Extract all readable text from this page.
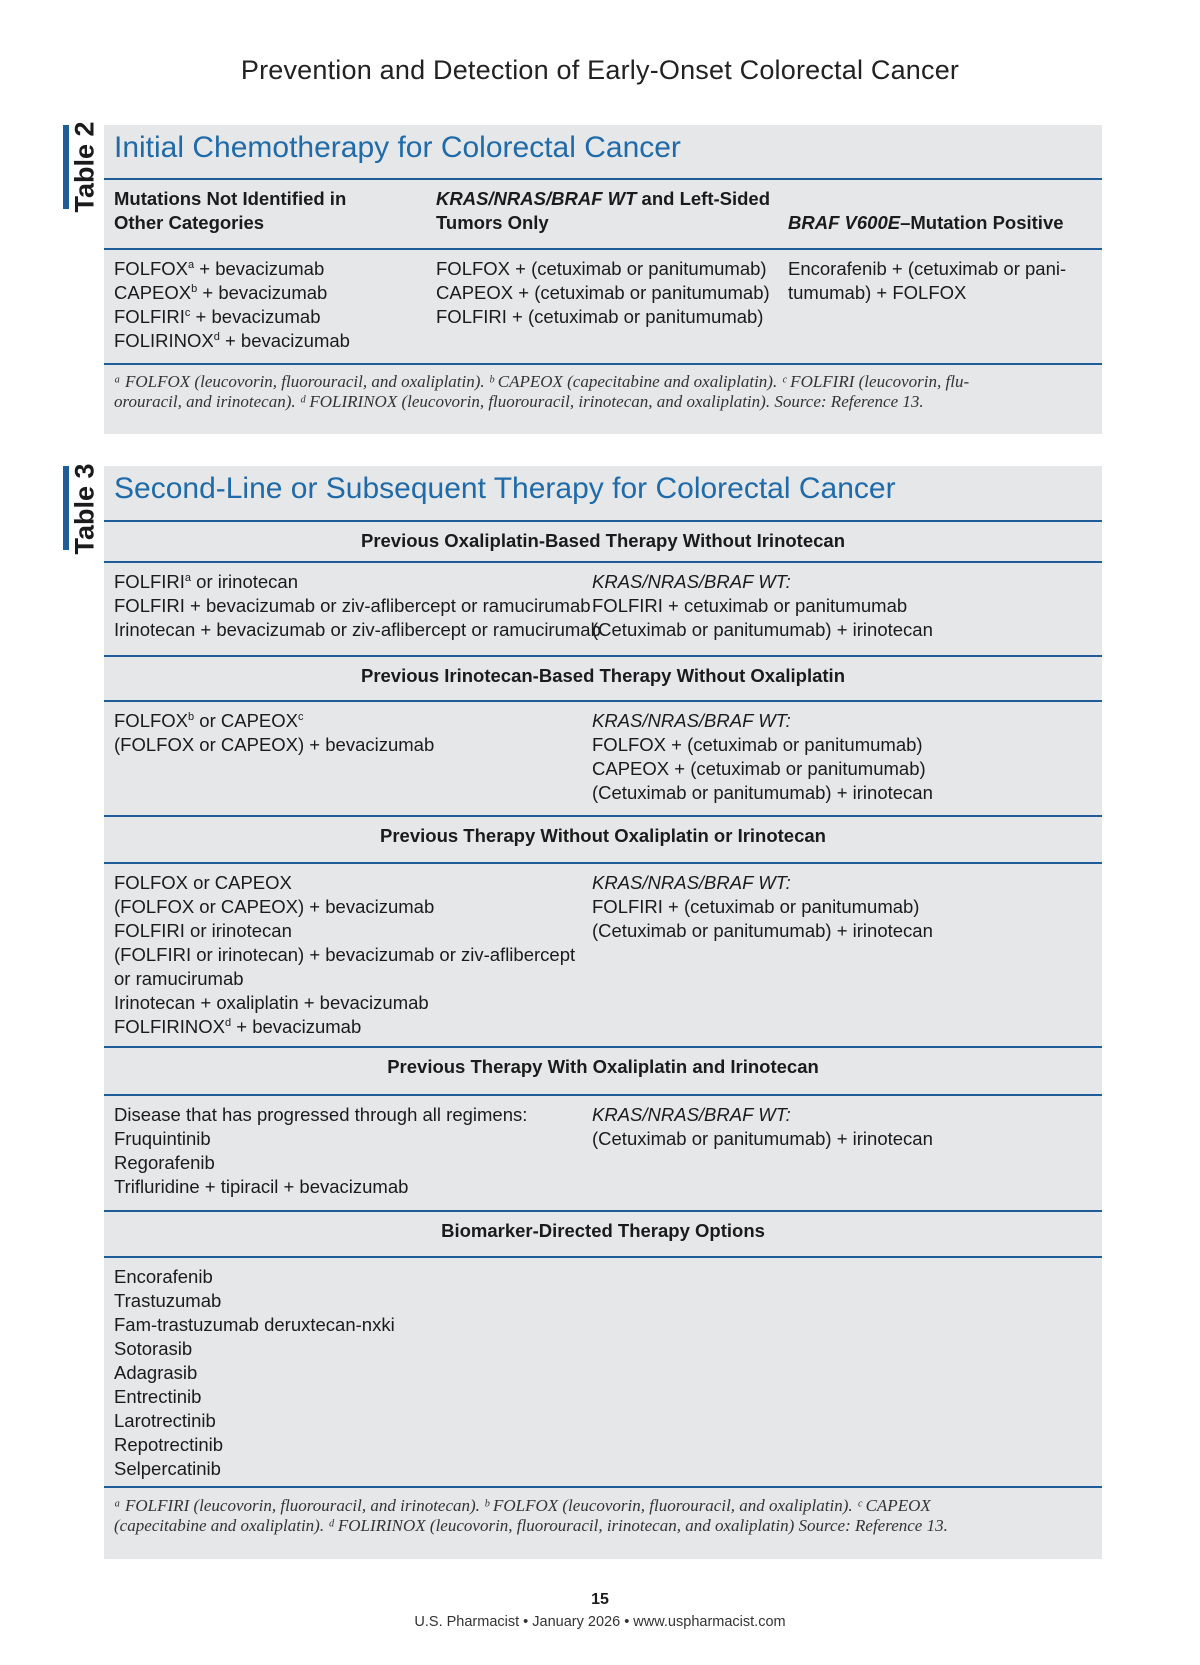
Prevention and Detection of Early-Onset Colorectal Cancer
Table 2 Initial Chemotherapy for Colorectal Cancer
Mutations Not Identified in
Other Categories
KRAS/NRAS/BRAF WT and Left-Sided
Tumors Only	BRAF V600E–Mutation Positive
$FOLFOX^a$ + bevacizumab
$CAPEOX^b$ + bevacizumab
$FOLFIRI^c$ + bevacizumab
$FOLIRINOX^d$ + bevacizumab
FOLFOX + (cetuximab or panitumumab)
CAPEOX + (cetuximab or panitumumab)
FOLFIRI + (cetuximab or panitumumab)
Encorafenib + (cetuximab or pani-
tumumab) + FOLFOX
ᵃ FOLFOX (leucovorin, fluorouracil, and oxaliplatin). ᵇ CAPEOX (capecitabine and oxaliplatin). ᶜ FOLFIRI (leucovorin, flu-
orouracil, and irinotecan). ᵈ FOLIRINOX (leucovorin, fluorouracil, irinotecan, and oxaliplatin). Source: Reference 13.
Table 3 Second-Line or Subsequent Therapy for Colorectal Cancer
Previous Oxaliplatin-Based Therapy Without Irinotecan
FOLFIRI$^a$ or irinotecan
FOLFIRI + bevacizumab or ziv-aflibercept or ramucirumab
Irinotecan + bevacizumab or ziv-aflibercept or ramucirumab
KRAS/NRAS/BRAF WT:
FOLFIRI + cetuximab or panitumumab
(Cetuximab or panitumumab) + irinotecan
Previous Irinotecan-Based Therapy Without Oxaliplatin
FOLFOX$^b$ or CAPEOX$^c$
(FOLFOX or CAPEOX) + bevacizumab
KRAS/NRAS/BRAF WT:
FOLFOX + (cetuximab or panitumumab)
CAPEOX + (cetuximab or panitumumab)
(Cetuximab or panitumumab) + irinotecan
Previous Therapy Without Oxaliplatin or Irinotecan
FOLFOX or CAPEOX
(FOLFOX or CAPEOX) + bevacizumab
FOLFIRI or irinotecan
(FOLFIRI or irinotecan) + bevacizumab or ziv-aflibercept
or ramucirumab
Irinotecan + oxaliplatin + bevacizumab
$FOLFIRINOX^d$ + bevacizumab
KRAS/NRAS/BRAF WT:
FOLFIRI + (cetuximab or panitumumab)
(Cetuximab or panitumumab) + irinotecan
Previous Therapy With Oxaliplatin and Irinotecan
Disease that has progressed through all regimens:
Fruquintinib
Regorafenib
Trifluridine + tipiracil + bevacizumab
KRAS/NRAS/BRAF WT:
(Cetuximab or panitumumab) + irinotecan
Biomarker-Directed Therapy Options
Encorafenib
Trastuzumab
Fam-trastuzumab deruxtecan-nxki
Sotorasib
Adagrasib
Entrectinib
Larotrectinib
Repotrectinib
Selpercatinib
ᵃ FOLFIRI (leucovorin, fluorouracil, and irinotecan). ᵇ FOLFOX (leucovorin, fluorouracil, and oxaliplatin). ᶜ CAPEOX
(capecitabine and oxaliplatin). ᵈ FOLIRINOX (leucovorin, fluorouracil, irinotecan, and oxaliplatin) Source: Reference 13.
15
U.S. Pharmacist • January 2026 • www.uspharmacist.com
